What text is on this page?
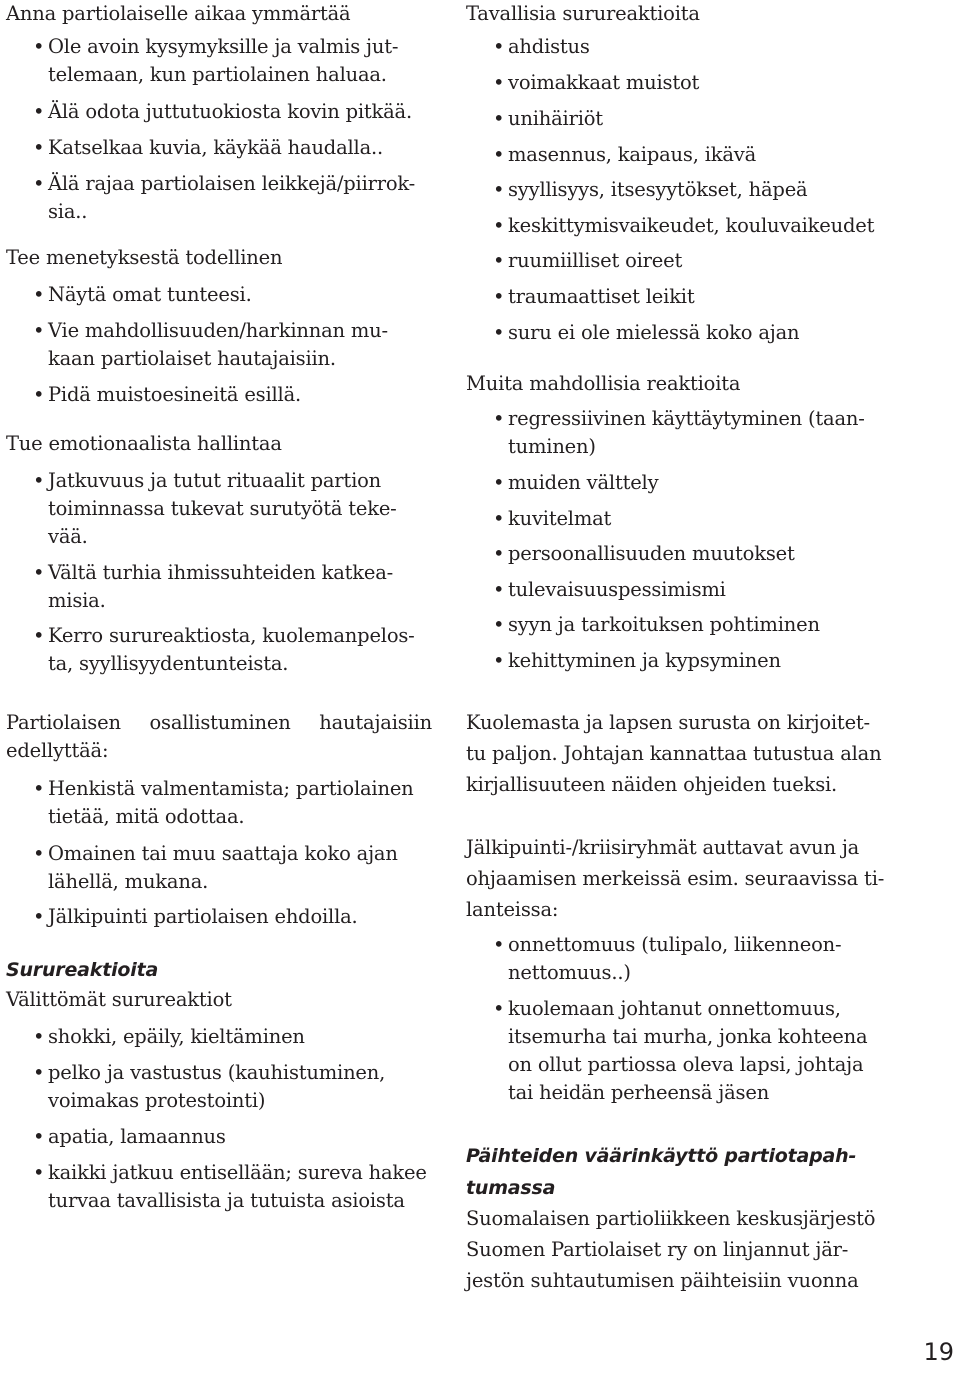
Anna partiolaiselle aikaa ymmärtää
• Ole avoin kysymyksille ja valmis jut-
telemaan, kun partiolainen haluaa.
• Älä odota juttutuokiosta kovin pitkää.
• Katselkaa kuvia, käykää haudalla..
• Älä rajaa partiolaisen leikkejä/piirrok-
sia..
Tee menetyksestä todellinen
• Näytä omat tunteesi.
• Vie mahdollisuuden/harkinnan mu-
kaan partiolaiset hautajaisiin.
• Pidä muistoesineitä esillä.
Tue emotionaalista hallintaa
• Jatkuvuus ja tutut rituaalit partion
toiminnassa tukevat surutyötä teke-
vää.
• Vältä turhia ihmissuhteiden katkea-
misia.
• Kerro surureaktiosta, kuolemanpelos-
ta, syyllisyydentunteista.
Partiolaisen osallistuminen hautajaisiin
edellyttää:
• Henkistä valmentamista; partiolainen
tietää, mitä odottaa.
• Omainen tai muu saattaja koko ajan
lähellä, mukana.
• Jälkipuinti partiolaisen ehdoilla.
Surureaktioita
Välittömät surureaktiot
• shokki, epäily, kieltäminen
• pelko ja vastustus (kauhistuminen,
voimakas protestointi)
• apatia, lamaannus
• kaikki jatkuu entisellään; sureva hakee
turvaa tavallisista ja tutuista asioista
Tavallisia surureaktioita
• ahdistus
• voimakkaat muistot
• unihäiriöt
• masennus, kaipaus, ikävä
• syyllisyys, itsesyytökset, häpeä
• keskittymisvaikeudet, kouluvaikeudet
• ruumiilliset oireet
• traumaattiset leikit
• suru ei ole mielessä koko ajan
Muita mahdollisia reaktioita
• regressiivinen käyttäytyminen (taan-
tuminen)
• muiden välttely
• kuvitelmat
• persoonallisuuden muutokset
• tulevaisuuspessimismi
• syyn ja tarkoituksen pohtiminen
• kehittyminen ja kypsyminen
Kuolemasta ja lapsen surusta on kirjoitet-
tu paljon. Johtajan kannattaa tutustua alan
kirjallisuuteen näiden ohjeiden tueksi.
Jälkipuinti-/kriisiryhmät auttavat avun ja
ohjaamisen merkeissä esim. seuraavissa ti-
lanteissa:
• onnettomuus (tulipalo, liikenneon-
nettomuus..)
• kuolemaan johtanut onnettomuus,
itsemurha tai murha, jonka kohteena
on ollut partiossa oleva lapsi, johtaja
tai heidän perheensä jäsen
Päihteiden väärinkäyttö partiotapah-
tumassa
Suomalaisen partioliikkeen keskusjärjestö
Suomen Partiolaiset ry on linjannut jär-
jestön suhtautumisen päihteisiin vuonna
19
